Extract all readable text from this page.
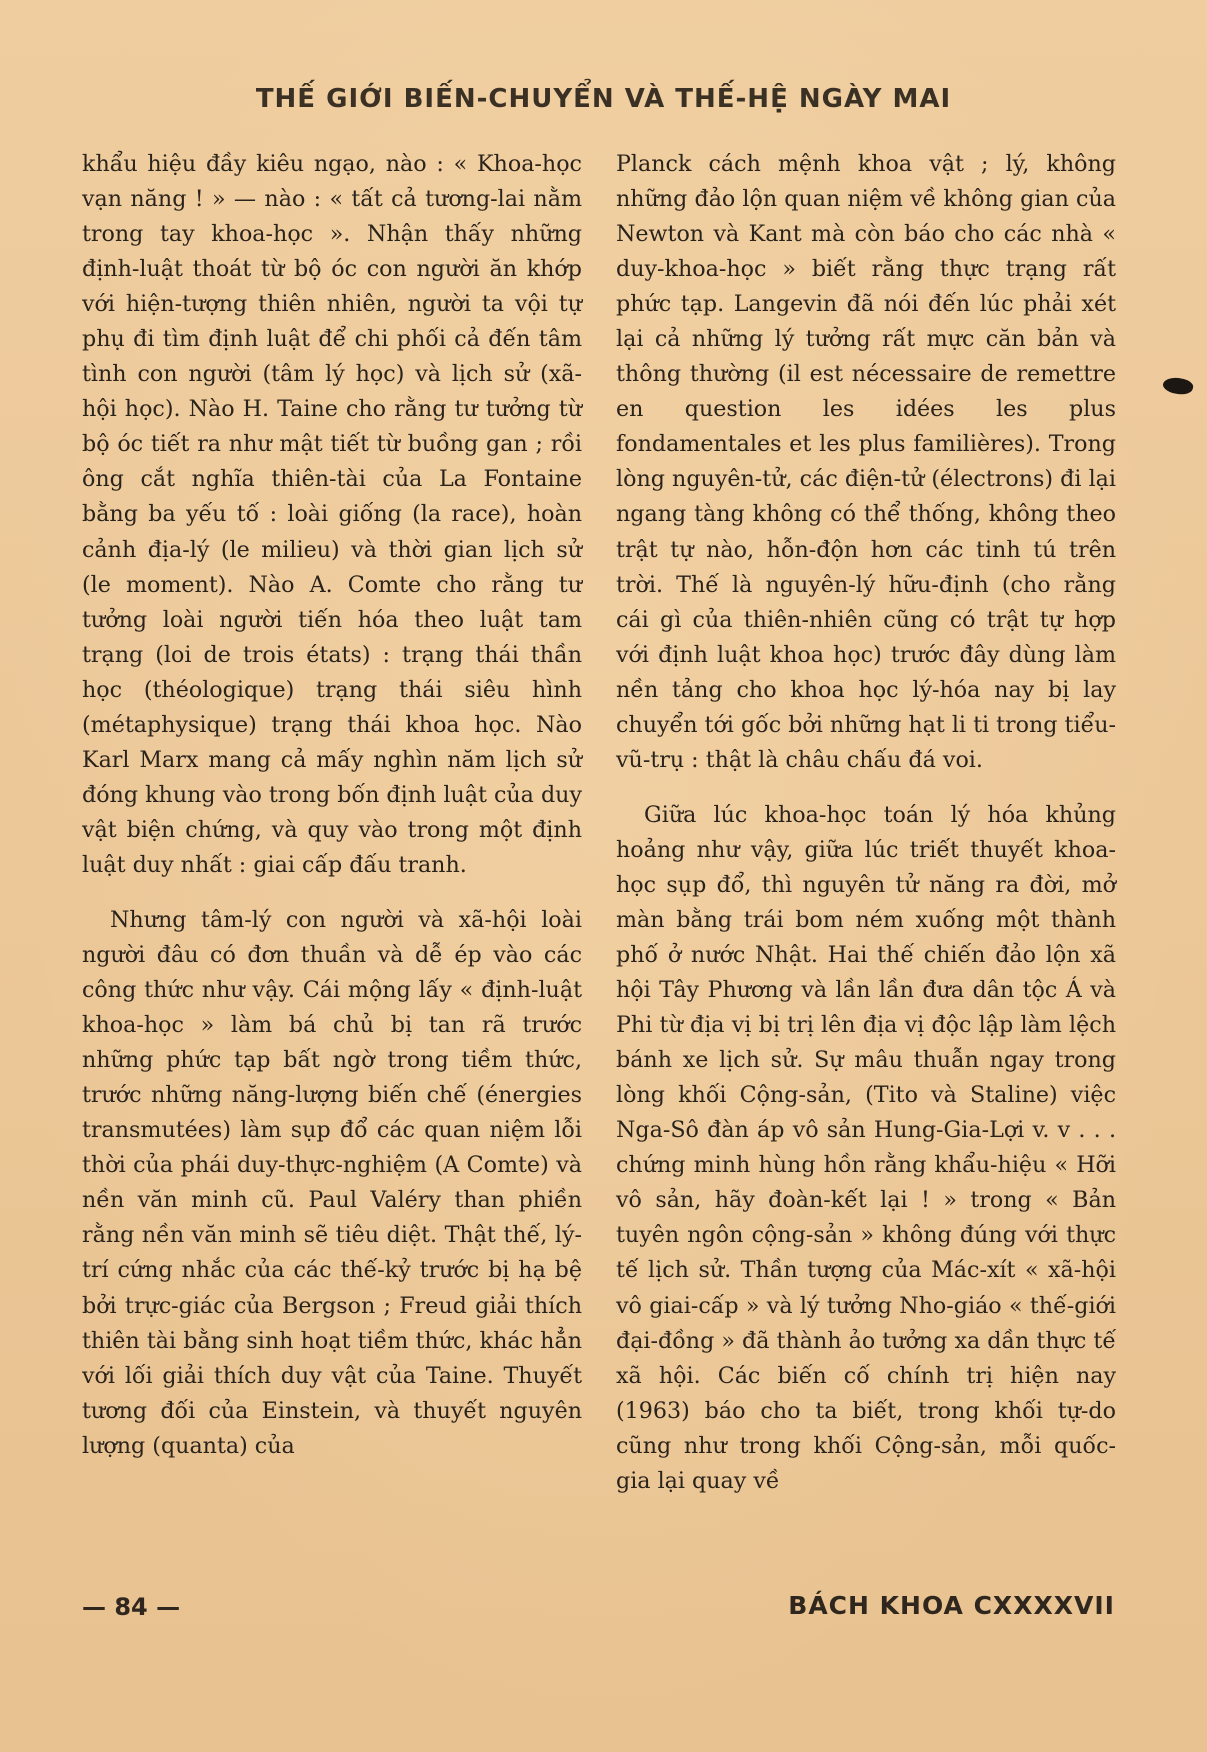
THẾ GIỚI BIẾN-CHUYỂN VÀ THẾ-HỆ NGÀY MAI

khẩu hiệu đầy kiêu ngạo, nào : « Khoa-học vạn năng ! » — nào : « tất cả tương-lai nằm trong tay khoa-học ». Nhận thấy những định-luật thoát từ bộ óc con người ăn khớp với hiện-tượng thiên nhiên, người ta vội tự phụ đi tìm định luật để chi phối cả đến tâm tình con người (tâm lý học) và lịch sử (xã-hội học). Nào H. Taine cho rằng tư tưởng từ bộ óc tiết ra như mật tiết từ buồng gan ; rồi ông cắt nghĩa thiên-tài của La Fontaine bằng ba yếu tố : loài giống (la race), hoàn cảnh địa-lý (le milieu) và thời gian lịch sử (le moment). Nào A. Comte cho rằng tư tưởng loài người tiến hóa theo luật tam trạng (loi de trois états) : trạng thái thần học (théologique) trạng thái siêu hình (métaphysique) trạng thái khoa học. Nào Karl Marx mang cả mấy nghìn năm lịch sử đóng khung vào trong bốn định luật của duy vật biện chứng, và quy vào trong một định luật duy nhất : giai cấp đấu tranh.

Nhưng tâm-lý con người và xã-hội loài người đâu có đơn thuần và dễ ép vào các công thức như vậy. Cái mộng lấy « định-luật khoa-học » làm bá chủ bị tan rã trước những phức tạp bất ngờ trong tiềm thức, trước những năng-lượng biến chế (énergies transmutées) làm sụp đổ các quan niệm lỗi thời của phái duy-thực-nghiệm (A Comte) và nền văn minh cũ. Paul Valéry than phiền rằng nền văn minh sẽ tiêu diệt. Thật thế, lý-trí cứng nhắc của các thế-kỷ trước bị hạ bệ bởi trực-giác của Bergson ; Freud giải thích thiên tài bằng sinh hoạt tiềm thức, khác hẳn với lối giải thích duy vật của Taine. Thuyết tương đối của Einstein, và thuyết nguyên lượng (quanta) của

Planck cách mệnh khoa vật ; lý, không những đảo lộn quan niệm về không gian của Newton và Kant mà còn báo cho các nhà « duy-khoa-học » biết rằng thực trạng rất phức tạp. Langevin đã nói đến lúc phải xét lại cả những lý tưởng rất mực căn bản và thông thường (il est nécessaire de remettre en question les idées les plus fondamentales et les plus familières). Trong lòng nguyên-tử, các điện-tử (électrons) đi lại ngang tàng không có thể thống, không theo trật tự nào, hỗn-độn hơn các tinh tú trên trời. Thế là nguyên-lý hữu-định (cho rằng cái gì của thiên-nhiên cũng có trật tự hợp với định luật khoa học) trước đây dùng làm nền tảng cho khoa học lý-hóa nay bị lay chuyển tới gốc bởi những hạt li ti trong tiểu-vũ-trụ : thật là châu chấu đá voi.

Giữa lúc khoa-học toán lý hóa khủng hoảng như vậy, giữa lúc triết thuyết khoa-học sụp đổ, thì nguyên tử năng ra đời, mở màn bằng trái bom ném xuống một thành phố ở nước Nhật. Hai thế chiến đảo lộn xã hội Tây Phương và lần lần đưa dân tộc Á và Phi từ địa vị bị trị lên địa vị độc lập làm lệch bánh xe lịch sử. Sự mâu thuẫn ngay trong lòng khối Cộng-sản, (Tito và Staline) việc Nga-Sô đàn áp vô sản Hung-Gia-Lợi v. v . . . chứng minh hùng hồn rằng khẩu-hiệu « Hỡi vô sản, hãy đoàn-kết lại ! » trong « Bản tuyên ngôn cộng-sản » không đúng với thực tế lịch sử. Thần tượng của Mác-xít « xã-hội vô giai-cấp » và lý tưởng Nho-giáo « thế-giới đại-đồng » đã thành ảo tưởng xa dần thực tế xã hội. Các biến cố chính trị hiện nay (1963) báo cho ta biết, trong khối tự-do cũng như trong khối Cộng-sản, mỗi quốc-gia lại quay về

— 84 —	BÁCH KHOA CXXXXVII
